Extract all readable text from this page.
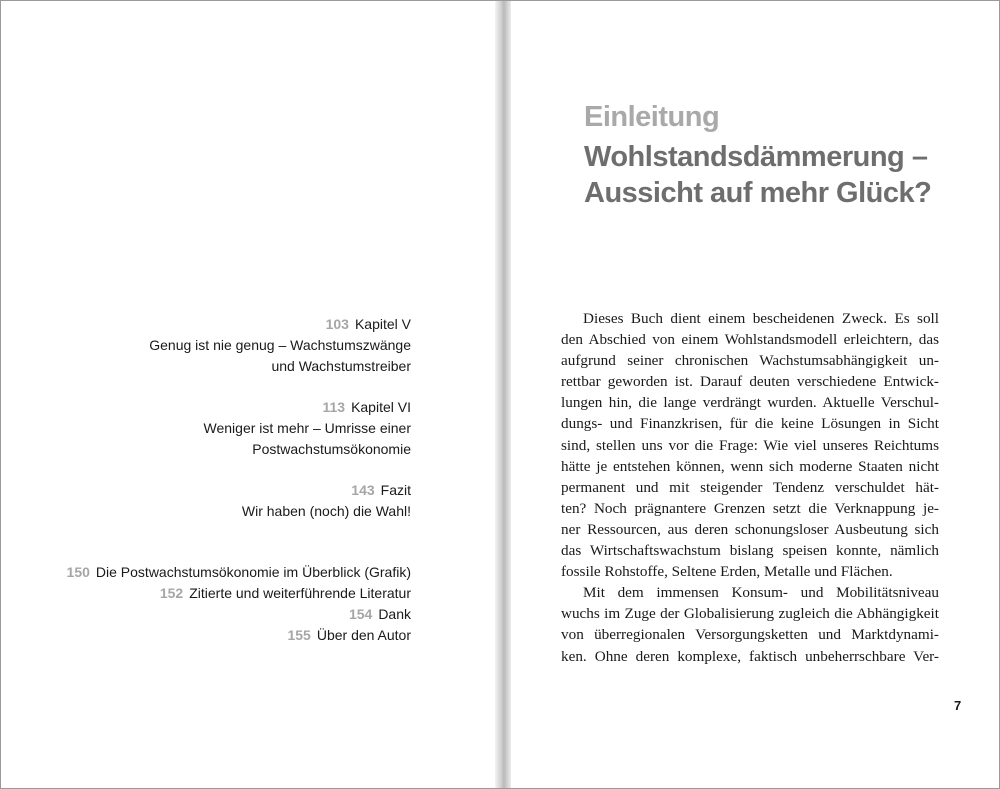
103 Kapitel V
Genug ist nie genug – Wachstumszwänge
und Wachstumstreiber
113 Kapitel VI
Weniger ist mehr – Umrisse einer
Postwachstumsökonomie
143 Fazit
Wir haben (noch) die Wahl!
150 Die Postwachstumsökonomie im Überblick (Grafik)
152 Zitierte und weiterführende Literatur
154 Dank
155 Über den Autor
Einleitung
Wohlstandsdämmerung –
Aussicht auf mehr Glück?
Dieses Buch dient einem bescheidenen Zweck. Es soll
den Abschied von einem Wohlstandsmodell erleichtern, das
aufgrund seiner chronischen Wachstumsabhängigkeit un-
rettbar geworden ist. Darauf deuten verschiedene Entwick-
lungen hin, die lange verdrängt wurden. Aktuelle Verschul-
dungs- und Finanzkrisen, für die keine Lösungen in Sicht
sind, stellen uns vor die Frage: Wie viel unseres Reichtums
hätte je entstehen können, wenn sich moderne Staaten nicht
permanent und mit steigender Tendenz verschuldet hät-
ten? Noch prägnantere Grenzen setzt die Verknappung je-
ner Ressourcen, aus deren schonungsloser Ausbeutung sich
das Wirtschaftswachstum bislang speisen konnte, nämlich
fossile Rohstoffe, Seltene Erden, Metalle und Flächen.
Mit dem immensen Konsum- und Mobilitätsniveau
wuchs im Zuge der Globalisierung zugleich die Abhängigkeit
von überregionalen Versorgungsketten und Marktdynami-
ken. Ohne deren komplexe, faktisch unbeherrschbare Ver-
7
